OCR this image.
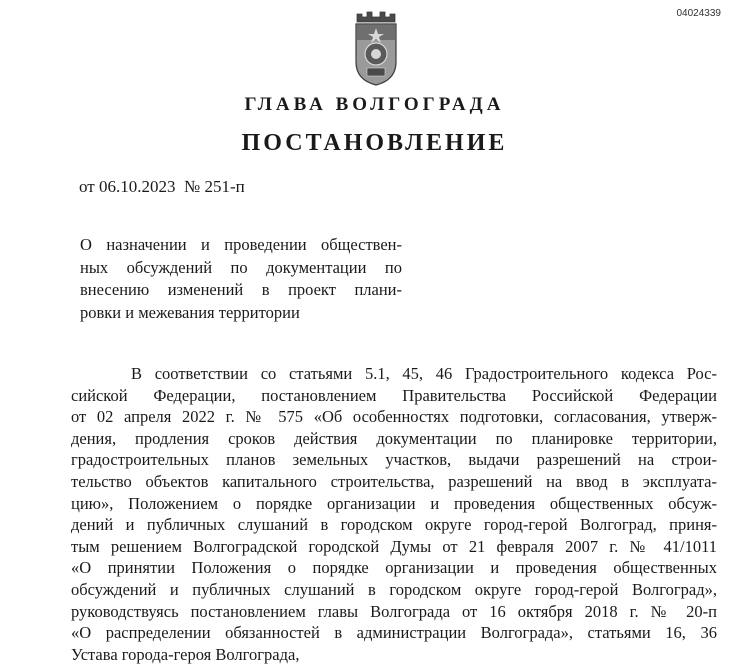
04024339
ГЛАВА ВОЛГОГРАДА
ПОСТАНОВЛЕНИЕ
от 06.10.2023 № 251-п
О назначении и проведении обществен-
ных обсуждений по документации по
внесению изменений в проект плани-
ровки и межевания территории
В соответствии со статьями 5.1, 45, 46 Градостроительного кодекса Рос-
сийской Федерации, постановлением Правительства Российской Федерации
от 02 апреля 2022 г. № 575 «Об особенностях подготовки, согласования, утверж-
дения, продления сроков действия документации по планировке территории,
градостроительных планов земельных участков, выдачи разрешений на строи-
тельство объектов капитального строительства, разрешений на ввод в эксплуата-
цию», Положением о порядке организации и проведения общественных обсуж-
дений и публичных слушаний в городском округе город-герой Волгоград, приня-
тым решением Волгоградской городской Думы от 21 февраля 2007 г. № 41/1011
«О принятии Положения о порядке организации и проведения общественных
обсуждений и публичных слушаний в городском округе город-герой Волгоград»,
руководствуясь постановлением главы Волгограда от 16 октября 2018 г. № 20-п
«О распределении обязанностей в администрации Волгограда», статьями 16, 36
Устава города-героя Волгограда,
